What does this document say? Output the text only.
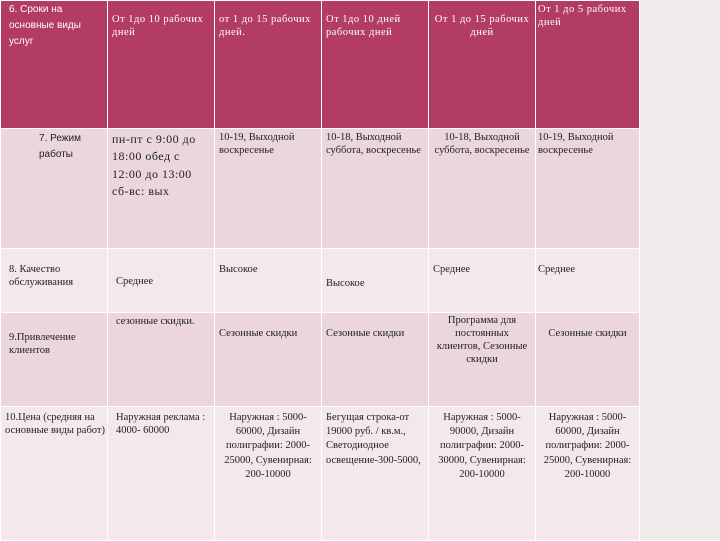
6. Сроки на основные виды услуг	От 1до 10 рабочих дней	от 1 до 15 рабочих дней.	От 1до 10 дней рабочих дней	От 1 до 15 рабочих дней	От 1 до 5 рабочих дней

7. Режим работы	пн-пт с 9:00 до 18:00 обед с 12:00 до 13:00 сб-вс: вых	10-19, Выходной воскресенье	10-18, Выходной суббота, воскресенье	10-18, Выходной суббота, воскресенье	10-19, Выходной воскресенье

8. Качество обслуживания	Среднее	Высокое	Высокое	Среднее	Среднее

9.Привлечение клиентов	сезонные скидки.	Сезонные скидки	Сезонные скидки	Программа для постоянных клиентов, Сезонные скидки	Сезонные скидки

10.Цена (средняя на основные виды работ)	Наружная реклама : 4000- 60000	Наружная : 5000-60000, Дизайн полиграфии: 2000-25000, Сувенирная: 200-10000	Бегущая строка-от 19000 руб. / кв.м., Светодиодное освещение-300-5000,	Наружная : 5000-90000, Дизайн полиграфии: 2000-30000, Сувенирная: 200-10000	Наружная : 5000-60000, Дизайн полиграфии: 2000-25000, Сувенирная: 200-10000
